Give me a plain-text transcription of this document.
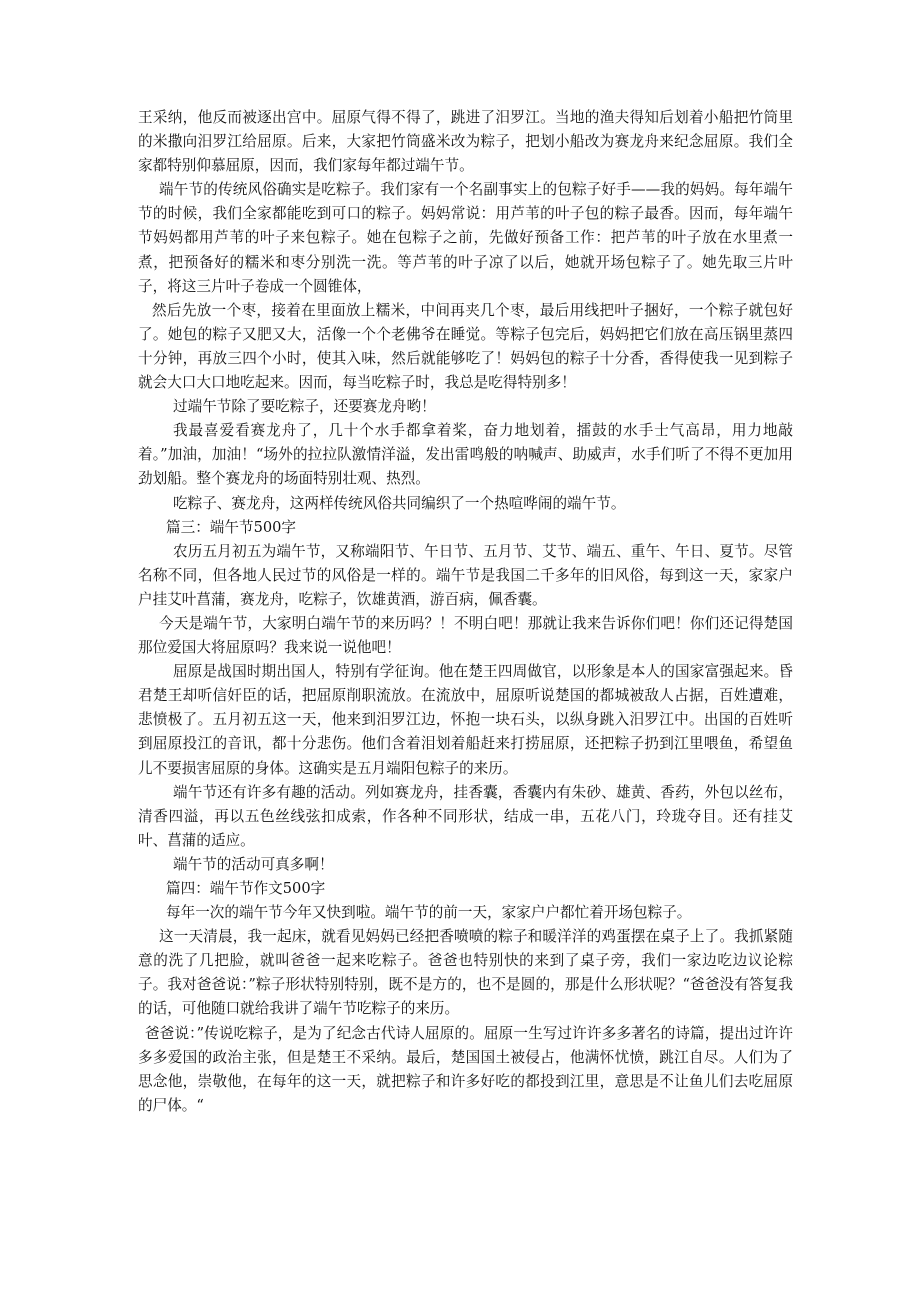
王采纳，他反而被逐出宫中。屈原气得不得了，跳进了汨罗江。当地的渔夫得知后划着小船把竹筒里的米撒向汨罗江给屈原。后来，大家把竹筒盛米改为粽子，把划小船改为赛龙舟来纪念屈原。我们全家都特别仰慕屈原，因而，我们家每年都过端午节。

端午节的传统风俗确实是吃粽子。我们家有一个名副事实上的包粽子好手——我的妈妈。每年端午节的时候，我们全家都能吃到可口的粽子。妈妈常说：用芦苇的叶子包的粽子最香。因而，每年端午节妈妈都用芦苇的叶子来包粽子。她在包粽子之前，先做好预备工作：把芦苇的叶子放在水里煮一煮，把预备好的糯米和枣分别洗一洗。等芦苇的叶子凉了以后，她就开场包粽子了。她先取三片叶子，将这三片叶子卷成一个圆锥体，

然后先放一个枣，接着在里面放上糯米，中间再夹几个枣，最后用线把叶子捆好，一个粽子就包好了。她包的粽子又肥又大，活像一个个老佛爷在睡觉。等粽子包完后，妈妈把它们放在高压锅里蒸四十分钟，再放三四个小时，使其入味，然后就能够吃了！妈妈包的粽子十分香，香得使我一见到粽子就会大口大口地吃起来。因而，每当吃粽子时，我总是吃得特别多！

过端午节除了要吃粽子，还要赛龙舟哟！

我最喜爱看赛龙舟了，几十个水手都拿着桨，奋力地划着，擂鼓的水手士气高昂，用力地敲着。”加油，加油！“场外的拉拉队激情洋溢，发出雷鸣般的呐喊声、助威声，水手们听了不得不更加用劲划船。整个赛龙舟的场面特别壮观、热烈。

吃粽子、赛龙舟，这两样传统风俗共同编织了一个热喧哗闹的端午节。

篇三：端午节500字

农历五月初五为端午节，又称端阳节、午日节、五月节、艾节、端五、重午、午日、夏节。尽管名称不同，但各地人民过节的风俗是一样的。端午节是我国二千多年的旧风俗，每到这一天，家家户户挂艾叶菖蒲，赛龙舟，吃粽子，饮雄黄酒，游百病，佩香囊。

今天是端午节，大家明白端午节的来历吗？！不明白吧！那就让我来告诉你们吧！你们还记得楚国那位爱国大将屈原吗？我来说一说他吧！

屈原是战国时期出国人，特别有学征询。他在楚王四周做官，以形象是本人的国家富强起来。昏君楚王却听信奸臣的话，把屈原削职流放。在流放中，屈原听说楚国的都城被敌人占据，百姓遭难，悲愤极了。五月初五这一天，他来到汨罗江边，怀抱一块石头，以纵身跳入汨罗江中。出国的百姓听到屈原投江的音讯，都十分悲伤。他们含着泪划着船赶来打捞屈原，还把粽子扔到江里喂鱼，希望鱼儿不要损害屈原的身体。这确实是五月端阳包粽子的来历。

端午节还有许多有趣的活动。列如赛龙舟，挂香囊，香囊内有朱砂、雄黄、香药，外包以丝布，清香四溢，再以五色丝线弦扣成索，作各种不同形状，结成一串，五花八门，玲珑夺目。还有挂艾叶、菖蒲的适应。

端午节的活动可真多啊！

篇四：端午节作文500字

每年一次的端午节今年又快到啦。端午节的前一天，家家户户都忙着开场包粽子。

这一天清晨，我一起床，就看见妈妈已经把香喷喷的粽子和暖洋洋的鸡蛋摆在桌子上了。我抓紧随意的洗了几把脸，就叫爸爸一起来吃粽子。爸爸也特别快的来到了桌子旁，我们一家边吃边议论粽子。我对爸爸说：”粽子形状特别特别，既不是方的，也不是圆的，那是什么形状呢？“爸爸没有答复我的话，可他随口就给我讲了端午节吃粽子的来历。

爸爸说：”传说吃粽子，是为了纪念古代诗人屈原的。屈原一生写过许许多多著名的诗篇，提出过许许多多爱国的政治主张，但是楚王不采纳。最后，楚国国土被侵占，他满怀忧愤，跳江自尽。人们为了思念他，崇敬他，在每年的这一天，就把粽子和许多好吃的都投到江里，意思是不让鱼儿们去吃屈原的尸体。“
